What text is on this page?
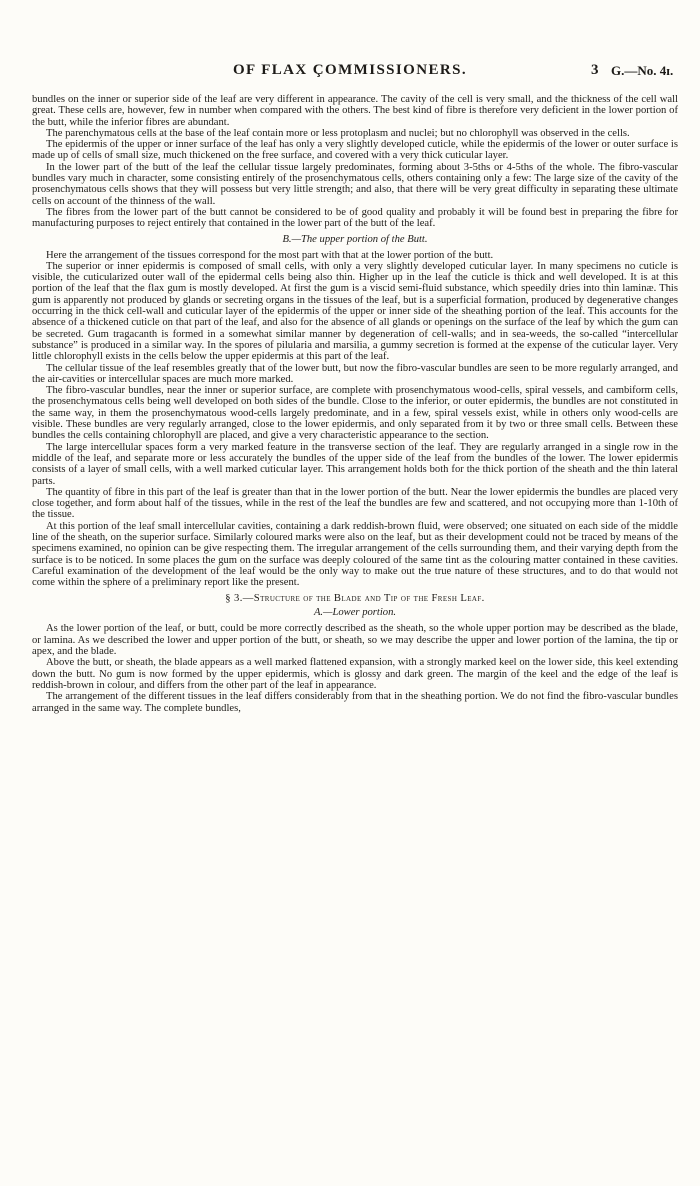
OF FLAX ÇOMMISSIONERS.	3 G.—No. 4ɪ.

bundles on the inner or superior side of the leaf are very different in appearance. The cavity of the cell is very small, and the thickness of the cell wall great. These cells are, however, few in number when compared with the others. The best kind of fibre is therefore very deficient in the lower portion of the butt, while the inferior fibres are abundant.

The parenchymatous cells at the base of the leaf contain more or less protoplasm and nuclei; but no chlorophyll was observed in the cells.

The epidermis of the upper or inner surface of the leaf has only a very slightly developed cuticle, while the epidermis of the lower or outer surface is made up of cells of small size, much thickened on the free surface, and covered with a very thick cuticular layer.

In the lower part of the butt of the leaf the cellular tissue largely predominates, forming about 3-5ths or 4-5ths of the whole. The fibro-vascular bundles vary much in character, some consisting entirely of the prosenchymatous cells, others containing only a few: The large size of the cavity of the prosenchymatous cells shows that they will possess but very little strength; and also, that there will be very great difficulty in separating these ultimate cells on account of the thinness of the wall.

The fibres from the lower part of the butt cannot be considered to be of good quality and probably it will be found best in preparing the fibre for manufacturing purposes to reject entirely that contained in the lower part of the butt of the leaf.

B.—The upper portion of the Butt.

Here the arrangement of the tissues correspond for the most part with that at the lower portion of the butt.

The superior or inner epidermis is composed of small cells, with only a very slightly developed cuticular layer. In many specimens no cuticle is visible, the cuticularized outer wall of the epidermal cells being also thin. Higher up in the leaf the cuticle is thick and well developed. It is at this portion of the leaf that the flax gum is mostly developed. At first the gum is a viscid semi-fluid substance, which speedily dries into thin laminæ. This gum is apparently not produced by glands or secreting organs in the tissues of the leaf, but is a superficial formation, produced by degenerative changes occurring in the thick cell-wall and cuticular layer of the epidermis of the upper or inner side of the sheathing portion of the leaf. This accounts for the absence of a thickened cuticle on that part of the leaf, and also for the absence of all glands or openings on the surface of the leaf by which the gum can be secreted. Gum tragacanth is formed in a somewhat similar manner by degeneration of cell-walls; and in sea-weeds, the so-called “intercellular substance” is produced in a similar way. In the spores of pilularia and marsilia, a gummy secretion is formed at the expense of the cuticular layer. Very little chlorophyll exists in the cells below the upper epidermis at this part of the leaf.

The cellular tissue of the leaf resembles greatly that of the lower butt, but now the fibro-vascular bundles are seen to be more regularly arranged, and the air-cavities or intercellular spaces are much more marked.

The fibro-vascular bundles, near the inner or superior surface, are complete with prosenchymatous wood-cells, spiral vessels, and cambiform cells, the prosenchymatous cells being well developed on both sides of the bundle. Close to the inferior, or outer epidermis, the bundles are not constituted in the same way, in them the prosenchymatous wood-cells largely predominate, and in a few, spiral vessels exist, while in others only wood-cells are visible. These bundles are very regularly arranged, close to the lower epidermis, and only separated from it by two or three small cells. Between these bundles the cells containing chlorophyll are placed, and give a very characteristic appearance to the section.

The large intercellular spaces form a very marked feature in the transverse section of the leaf. They are regularly arranged in a single row in the middle of the leaf, and separate more or less accurately the bundles of the upper side of the leaf from the bundles of the lower. The lower epidermis consists of a layer of small cells, with a well marked cuticular layer. This arrangement holds both for the thick portion of the sheath and the thin lateral parts.

The quantity of fibre in this part of the leaf is greater than that in the lower portion of the butt. Near the lower epidermis the bundles are placed very close together, and form about half of the tissues, while in the rest of the leaf the bundles are few and scattered, and not occupying more than 1-10th of the tissue.

At this portion of the leaf small intercellular cavities, containing a dark reddish-brown fluid, were observed; one situated on each side of the middle line of the sheath, on the superior surface. Similarly coloured marks were also on the leaf, but as their development could not be traced by means of the specimens examined, no opinion can be give respecting them. The irregular arrangement of the cells surrounding them, and their varying depth from the surface is to be noticed. In some places the gum on the surface was deeply coloured of the same tint as the colouring matter contained in these cavities. Careful examination of the development of the leaf would be the only way to make out the true nature of these structures, and to do that would not come within the sphere of a preliminary report like the present.

§ 3.—Structure of the Blade and Tip of the Fresh Leaf.
A.—Lower portion.

As the lower portion of the leaf, or butt, could be more correctly described as the sheath, so the whole upper portion may be described as the blade, or lamina. As we described the lower and upper portion of the butt, or sheath, so we may describe the upper and lower portion of the lamina, the tip or apex, and the blade.

Above the butt, or sheath, the blade appears as a well marked flattened expansion, with a strongly marked keel on the lower side, this keel extending down the butt. No gum is now formed by the upper epidermis, which is glossy and dark green. The margin of the keel and the edge of the leaf is reddish-brown in colour, and differs from the other part of the leaf in appearance.

The arrangement of the different tissues in the leaf differs considerably from that in the sheathing portion. We do not find the fibro-vascular bundles arranged in the same way. The complete bundles,
